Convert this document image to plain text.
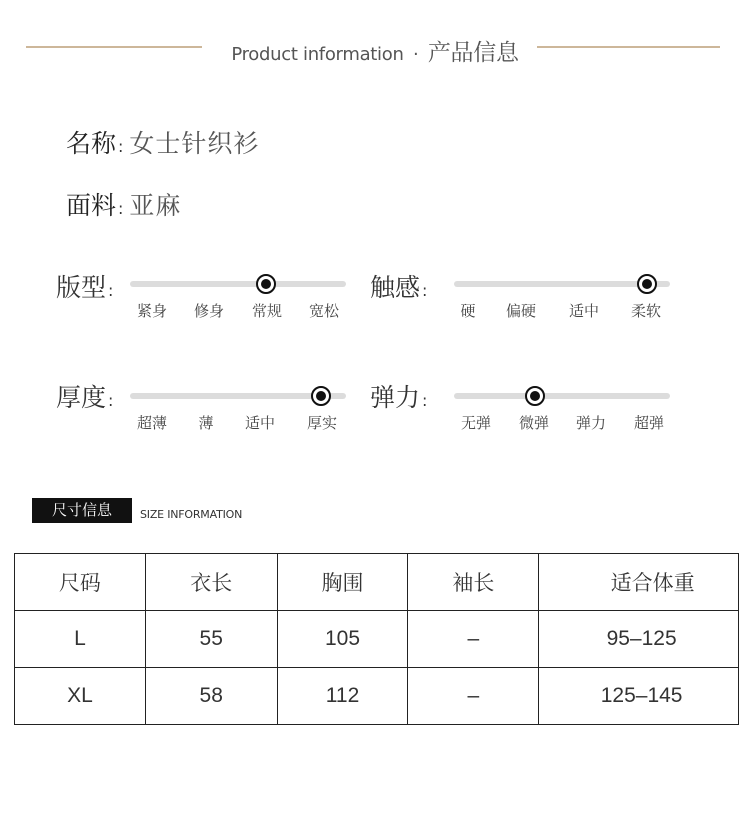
Product information · 产品信息
名称 : 女士针织衫
面料 : 亚麻
版型 :
紧身 修身 常规 宽松
触感 :
硬 偏硬 适中 柔软
厚度 :
超薄 薄 适中 厚实
弹力 :
无弹 微弹 弹力 超弹
尺寸信息	SIZE INFORMATION
尺码	衣长	胸围	袖长	适合体重
L	55	105	–	95–125
XL	58	112	–	125–145
